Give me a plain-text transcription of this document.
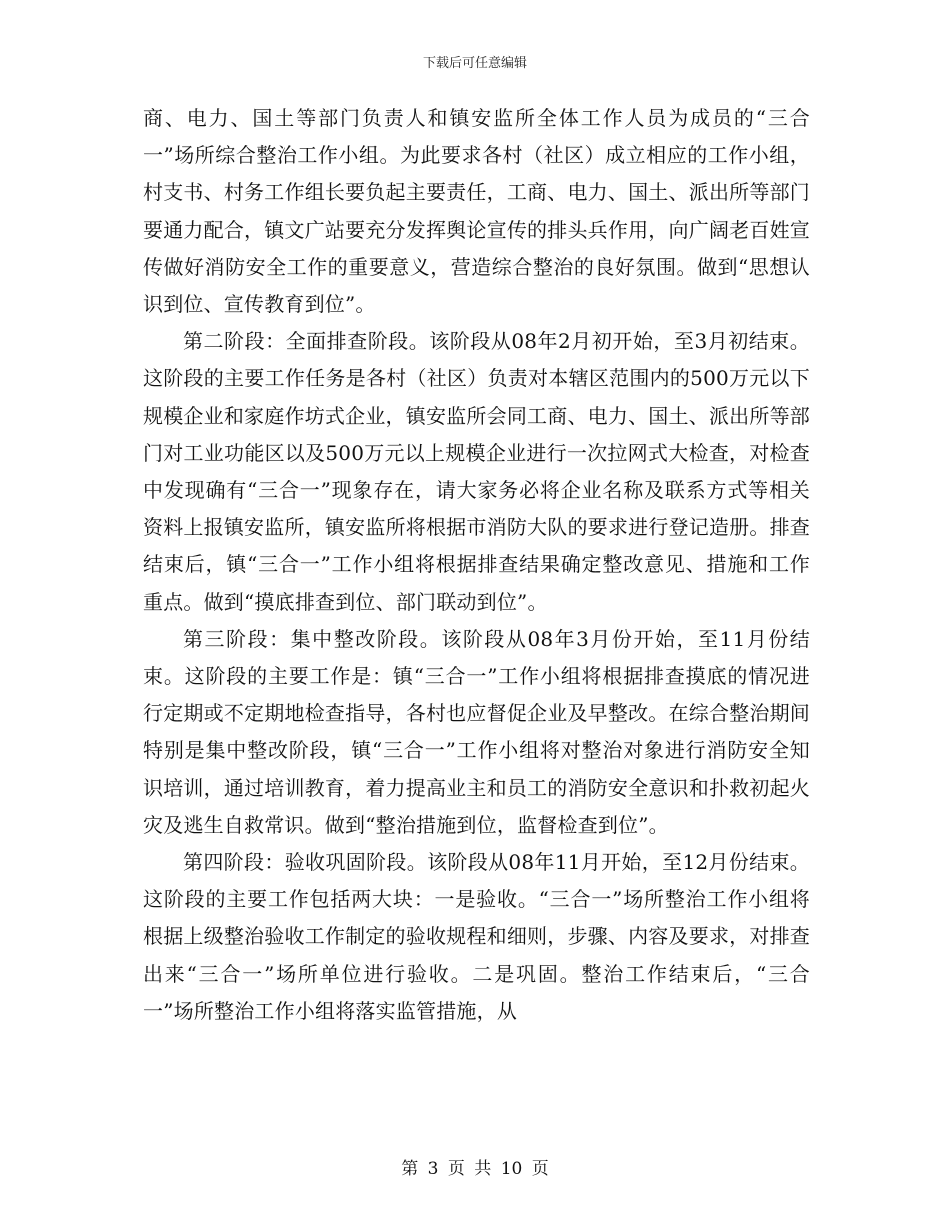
下载后可任意编辑

商、电力、国土等部门负责人和镇安监所全体工作人员为成员的“三合一”场所综合整治工作小组。为此要求各村（社区）成立相应的工作小组，村支书、村务工作组长要负起主要责任，工商、电力、国土、派出所等部门要通力配合，镇文广站要充分发挥舆论宣传的排头兵作用，向广阔老百姓宣传做好消防安全工作的重要意义，营造综合整治的良好氛围。做到“思想认识到位、宣传教育到位”。

第二阶段：全面排查阶段。该阶段从08年2月初开始，至3月初结束。这阶段的主要工作任务是各村（社区）负责对本辖区范围内的500万元以下规模企业和家庭作坊式企业，镇安监所会同工商、电力、国土、派出所等部门对工业功能区以及500万元以上规模企业进行一次拉网式大检查，对检查中发现确有“三合一”现象存在，请大家务必将企业名称及联系方式等相关资料上报镇安监所，镇安监所将根据市消防大队的要求进行登记造册。排查结束后，镇“三合一”工作小组将根据排查结果确定整改意见、措施和工作重点。做到“摸底排查到位、部门联动到位”。

第三阶段：集中整改阶段。该阶段从08年3月份开始，至11月份结束。这阶段的主要工作是：镇“三合一”工作小组将根据排查摸底的情况进行定期或不定期地检查指导，各村也应督促企业及早整改。在综合整治期间特别是集中整改阶段，镇“三合一”工作小组将对整治对象进行消防安全知识培训，通过培训教育，着力提高业主和员工的消防安全意识和扑救初起火灾及逃生自救常识。做到“整治措施到位，监督检查到位”。

第四阶段：验收巩固阶段。该阶段从08年11月开始，至12月份结束。这阶段的主要工作包括两大块：一是验收。“三合一”场所整治工作小组将根据上级整治验收工作制定的验收规程和细则，步骤、内容及要求，对排查出来“三合一”场所单位进行验收。二是巩固。整治工作结束后，“三合一”场所整治工作小组将落实监管措施，从

第 3 页 共 10 页
